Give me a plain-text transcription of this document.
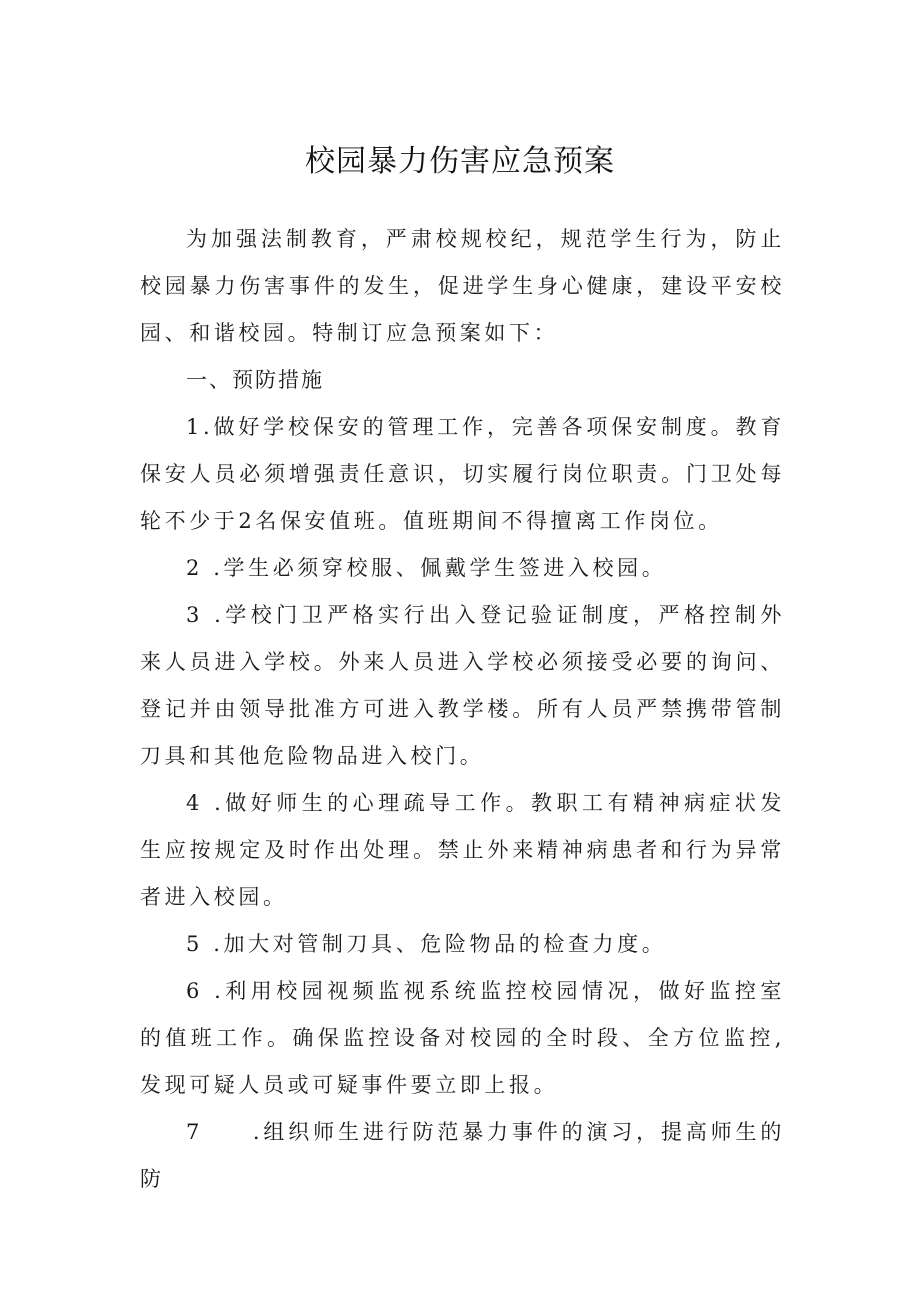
校园暴力伤害应急预案

为加强法制教育，严肃校规校纪，规范学生行为，防止校园暴力伤害事件的发生，促进学生身心健康，建设平安校园、和谐校园。特制订应急预案如下：

一、预防措施

1.做好学校保安的管理工作，完善各项保安制度。教育保安人员必须增强责任意识，切实履行岗位职责。门卫处每轮不少于2名保安值班。值班期间不得擅离工作岗位。

2 .学生必须穿校服、佩戴学生签进入校园。

3 .学校门卫严格实行出入登记验证制度，严格控制外来人员进入学校。外来人员进入学校必须接受必要的询问、登记并由领导批准方可进入教学楼。所有人员严禁携带管制刀具和其他危险物品进入校门。

4 .做好师生的心理疏导工作。教职工有精神病症状发生应按规定及时作出处理。禁止外来精神病患者和行为异常者进入校园。

5 .加大对管制刀具、危险物品的检查力度。

6 .利用校园视频监视系统监控校园情况，做好监控室的值班工作。确保监控设备对校园的全时段、全方位监控,发现可疑人员或可疑事件要立即上报。

7　　.组织师生进行防范暴力事件的演习，提高师生的防
